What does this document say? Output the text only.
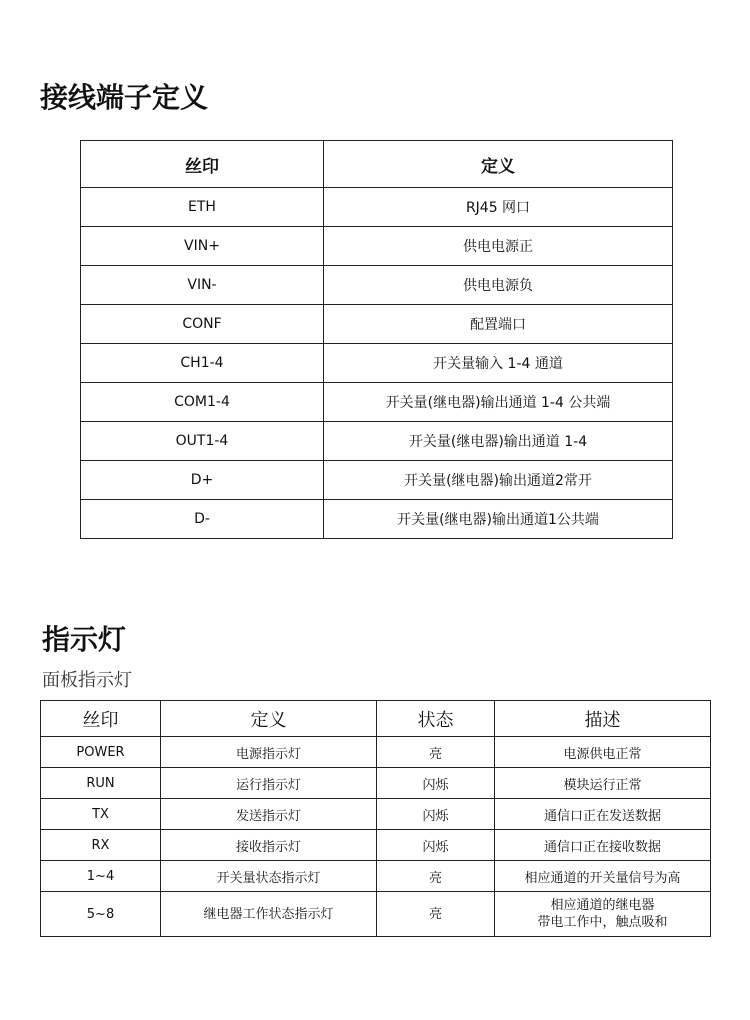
接线端子定义
丝印	定义
ETH	RJ45 网口
VIN+	供电电源正
VIN-	供电电源负
CONF	配置端口
CH1-4	开关量输入 1-4 通道
COM1-4	开关量(继电器)输出通道 1-4 公共端
OUT1-4	开关量(继电器)输出通道 1-4
D+	开关量(继电器)输出通道2常开
D-	开关量(继电器)输出通道1公共端
指示灯
面板指示灯
丝印	定义	状态	描述
POWER	电源指示灯	亮	电源供电正常
RUN	运行指示灯	闪烁	模块运行正常
TX	发送指示灯	闪烁	通信口正在发送数据
RX	接收指示灯	闪烁	通信口正在接收数据
1~4	开关量状态指示灯	亮	相应通道的开关量信号为高
5~8	继电器工作状态指示灯	亮	相应通道的继电器
带电工作中，触点吸和
